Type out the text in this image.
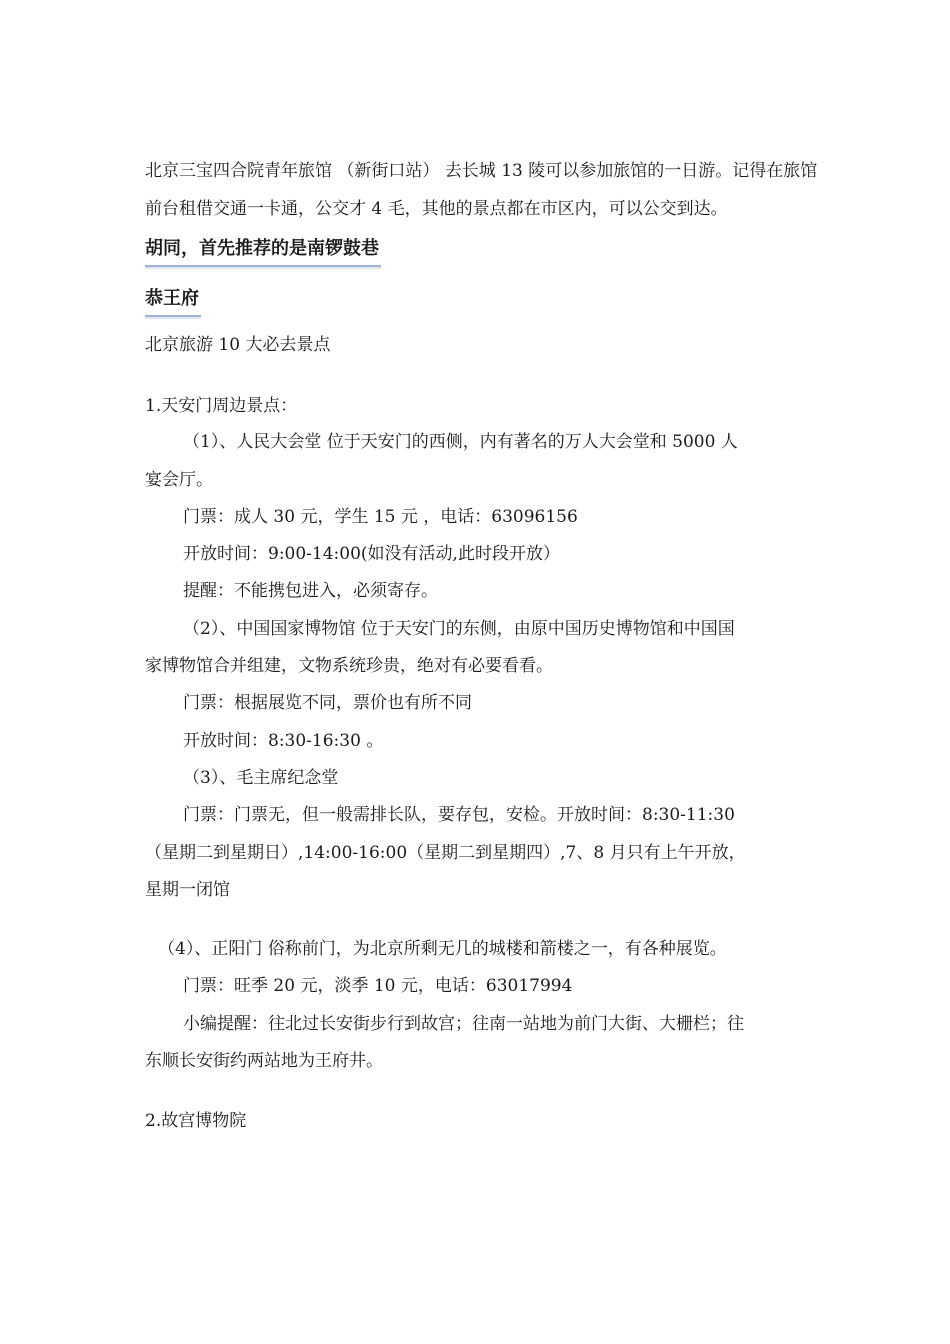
北京三宝四合院青年旅馆 （新街口站） 去长城 13 陵可以参加旅馆的一日游。记得在旅馆
前台租借交通一卡通，公交才 4 毛，其他的景点都在市区内，可以公交到达。
胡同，首先推荐的是南锣鼓巷
恭王府
北京旅游 10 大必去景点
1.天安门周边景点：
（1）、人民大会堂 位于天安门的西侧，内有著名的万人大会堂和 5000 人
宴会厅。
门票：成人 30 元，学生 15 元 ，电话：63096156
开放时间：9:00-14:00(如没有活动,此时段开放）
提醒：不能携包进入，必须寄存。
（2）、中国国家博物馆 位于天安门的东侧，由原中国历史博物馆和中国国
家博物馆合并组建，文物系统珍贵，绝对有必要看看。
门票：根据展览不同，票价也有所不同
开放时间：8:30-16:30 。
（3）、毛主席纪念堂
门票：门票无，但一般需排长队，要存包，安检。开放时间：8:30-11:30
（星期二到星期日）,14:00-16:00（星期二到星期四）,7、8 月只有上午开放，
星期一闭馆
（4）、正阳门 俗称前门，为北京所剩无几的城楼和箭楼之一，有各种展览。
门票：旺季 20 元，淡季 10 元，电话：63017994
小编提醒：往北过长安街步行到故宫；往南一站地为前门大街、大栅栏；往
东顺长安街约两站地为王府井。
2.故宫博物院
